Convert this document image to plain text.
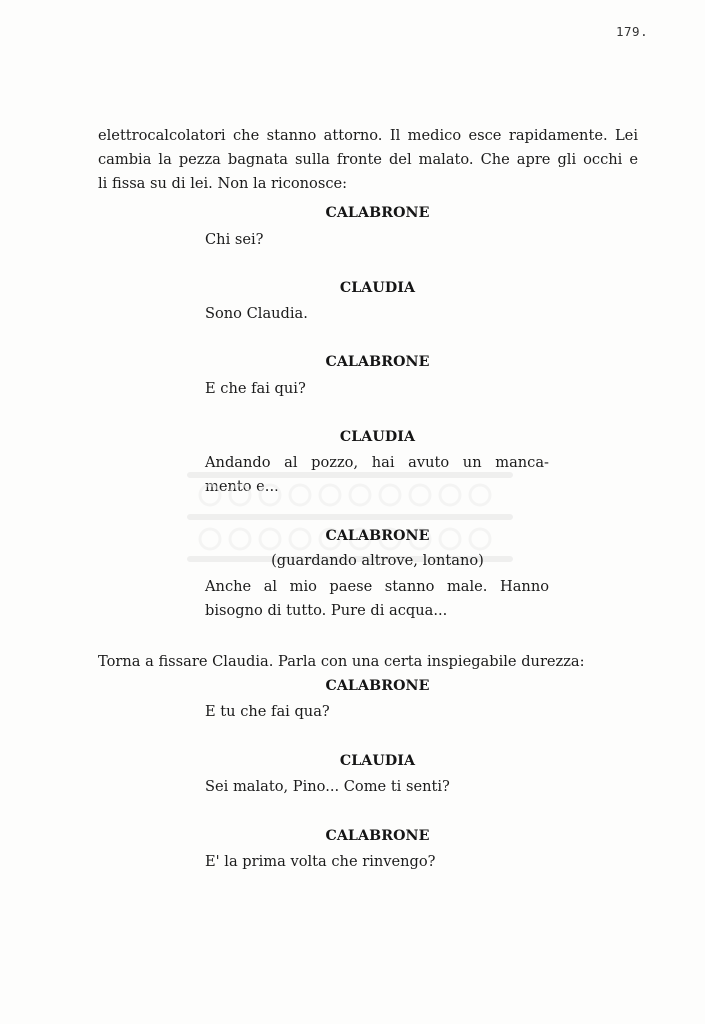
179.
elettrocalcolatori che stanno attorno. Il medico esce rapidamente. Lei
cambia la pezza bagnata sulla fronte del malato. Che apre gli occhi e
li fissa su di lei. Non la riconosce:
CALABRONE
Chi sei?
CLAUDIA
Sono Claudia.
CALABRONE
E che fai qui?
CLAUDIA
Andando al pozzo, hai avuto un manca-
mento e...
CALABRONE
(guardando altrove, lontano)
Anche al mio paese stanno male. Hanno
bisogno di tutto. Pure di acqua...
Torna a fissare Claudia. Parla con una certa inspiegabile durezza:
CALABRONE
E tu che fai qua?
CLAUDIA
Sei malato, Pino... Come ti senti?
CALABRONE
E' la prima volta che rinvengo?
